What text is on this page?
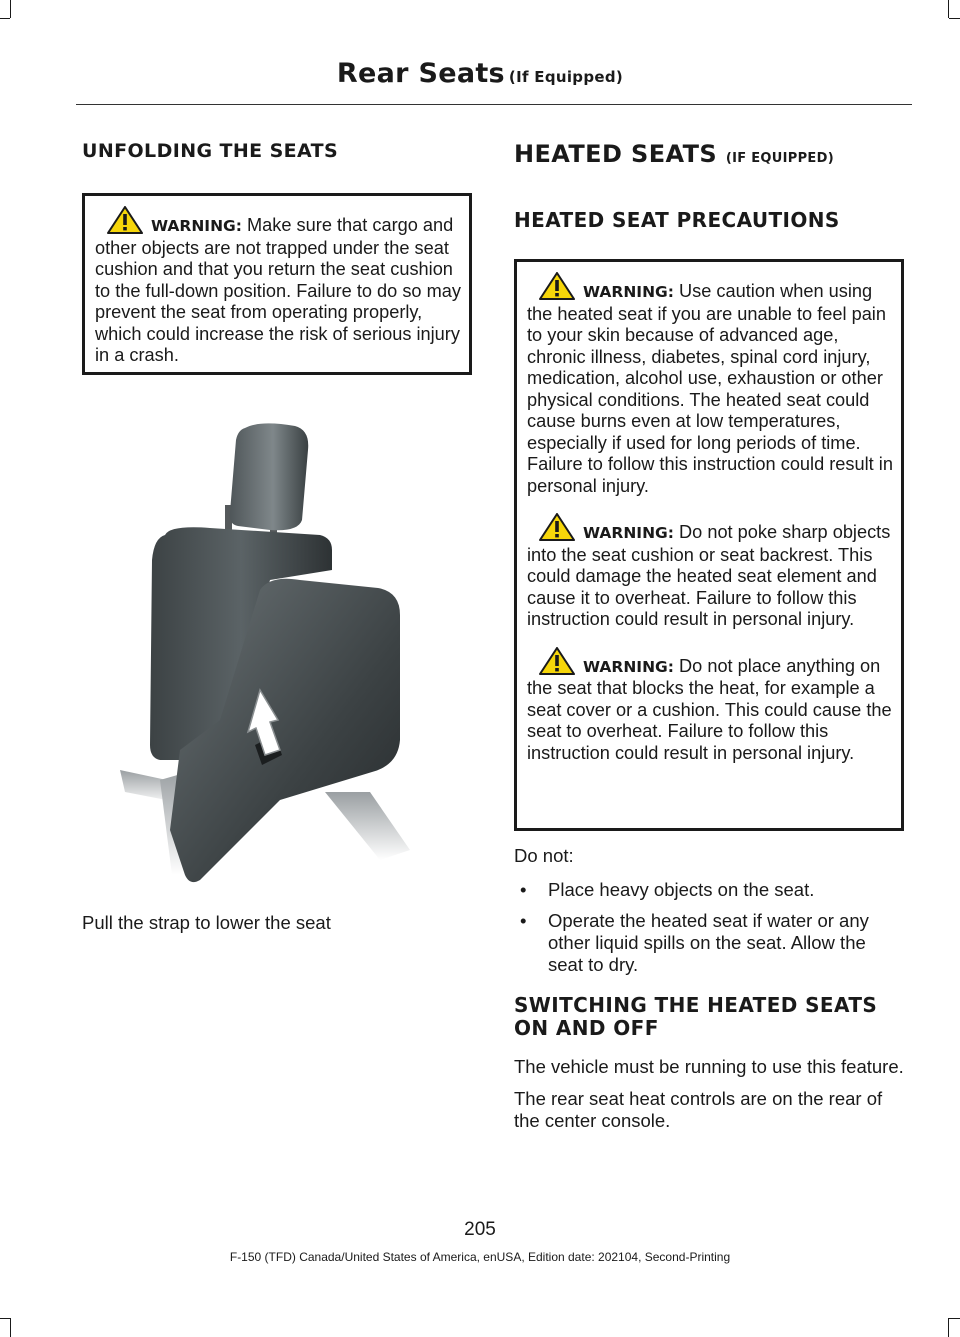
Rear Seats (If Equipped)
UNFOLDING THE SEATS

WARNING: Make sure that cargo and other objects are not trapped under the seat cushion and that you return the seat cushion to the full-down position. Failure to do so may prevent the seat from operating properly, which could increase the risk of serious injury in a crash.

Pull the strap to lower the seat

HEATED SEATS (IF EQUIPPED)
HEATED SEAT PRECAUTIONS

WARNING: Use caution when using the heated seat if you are unable to feel pain to your skin because of advanced age, chronic illness, diabetes, spinal cord injury, medication, alcohol use, exhaustion or other physical conditions. The heated seat could cause burns even at low temperatures, especially if used for long periods of time. Failure to follow this instruction could result in personal injury.

WARNING: Do not poke sharp objects into the seat cushion or seat backrest. This could damage the heated seat element and cause it to overheat. Failure to follow this instruction could result in personal injury.

WARNING: Do not place anything on the seat that blocks the heat, for example a seat cover or a cushion. This could cause the seat to overheat. Failure to follow this instruction could result in personal injury.

Do not:

• Place heavy objects on the seat.
• Operate the heated seat if water or any other liquid spills on the seat. Allow the seat to dry.
SWITCHING THE HEATED SEATS ON AND OFF

The vehicle must be running to use this feature.

The rear seat heat controls are on the rear of the center console.

205
F-150 (TFD) Canada/United States of America, enUSA, Edition date: 202104, Second-Printing
